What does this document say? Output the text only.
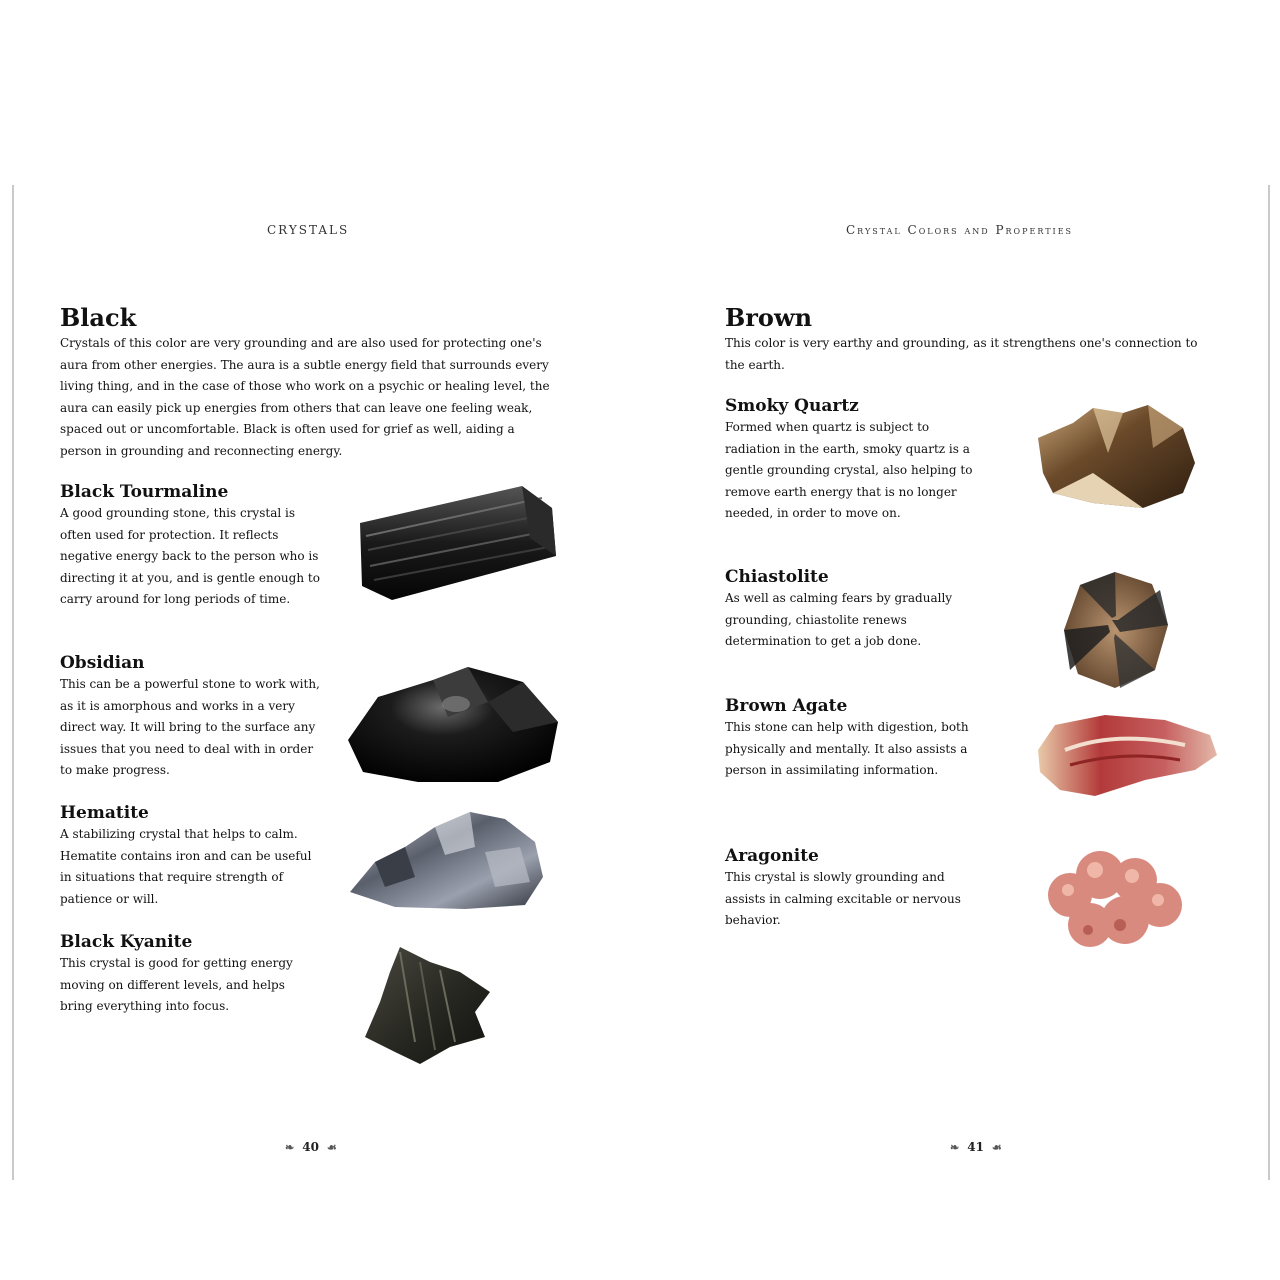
CRYSTALS
Black

Crystals of this color are very grounding and are also used for protecting one's aura from other energies. The aura is a subtle energy field that surrounds every living thing, and in the case of those who work on a psychic or healing level, the aura can easily pick up energies from others that can leave one feeling weak, spaced out or uncomfortable. Black is often used for grief as well, aiding a person in grounding and reconnecting energy.

Black Tourmaline

A good grounding stone, this crystal is often used for protection. It reflects negative energy back to the person who is directing it at you, and is gentle enough to carry around for long periods of time.

Obsidian

This can be a powerful stone to work with, as it is amorphous and works in a very direct way. It will bring to the surface any issues that you need to deal with in order to make progress.

Hematite

A stabilizing crystal that helps to calm. Hematite contains iron and can be useful in situations that require strength of patience or will.

Black Kyanite

This crystal is good for getting energy moving on different levels, and helps bring everything into focus.

❧ 40 ☙
Crystal Colors and Properties
Brown

This color is very earthy and grounding, as it strengthens one's connection to the earth.

Smoky Quartz

Formed when quartz is subject to radiation in the earth, smoky quartz is a gentle grounding crystal, also helping to remove earth energy that is no longer needed, in order to move on.

Chiastolite

As well as calming fears by gradually grounding, chiastolite renews determination to get a job done.

Brown Agate

This stone can help with digestion, both physically and mentally. It also assists a person in assimilating information.

Aragonite

This crystal is slowly grounding and assists in calming excitable or nervous behavior.

❧ 41 ☙
